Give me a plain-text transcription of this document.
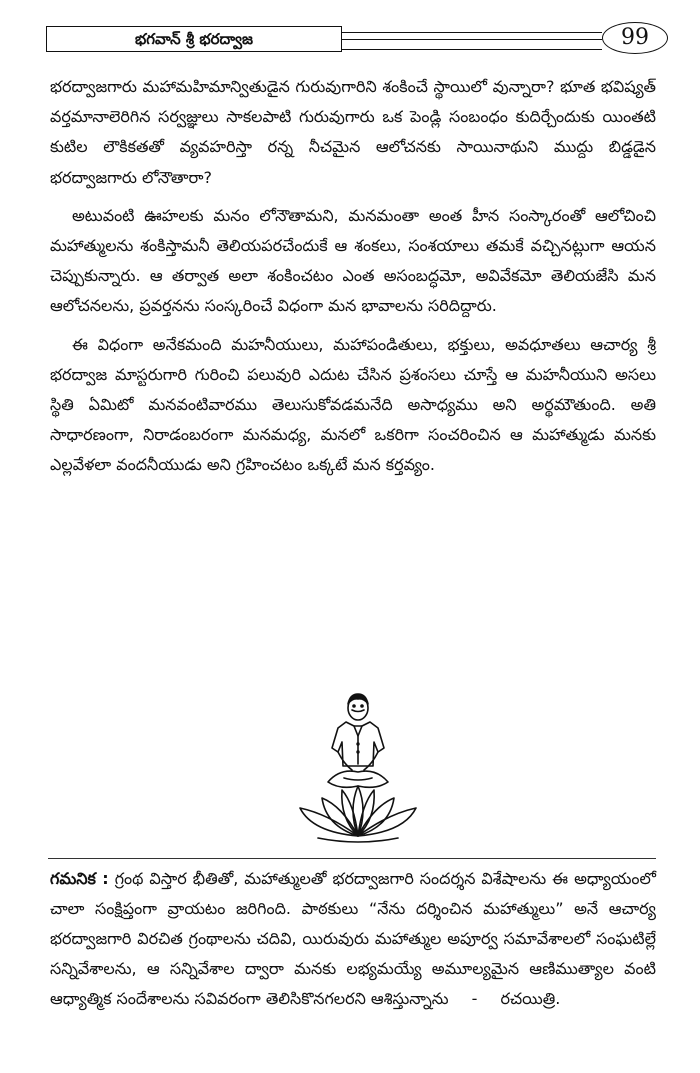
భగవాన్ శ్రీ భరద్వాజ	99

భరద్వాజగారు మహామహిమాన్వితుడైన గురువుగారిని శంకించే స్థాయిలో వున్నారా? భూత భవిష్యత్ వర్తమానాలెరిగిన సర్వజ్ఞులు సాకలపాటి గురువుగారు ఒక పెండ్లి సంబంధం కుదిర్చేందుకు యింతటి కుటిల లౌకికతతో వ్యవహరిస్తా రన్న నీచమైన ఆలోచనకు సాయినాథుని ముద్దు బిడ్డడైన భరద్వాజగారు లోనౌతారా?

అటువంటి ఊహలకు మనం లోనౌతామని, మనమంతా అంత హీన సంస్కారంతో ఆలోచించి మహాత్ములను శంకిస్తామనీ తెలియపరచేందుకే ఆ శంకలు, సంశయాలు తమకే వచ్చినట్లుగా ఆయన చెప్పుకున్నారు. ఆ తర్వాత అలా శంకించటం ఎంత అసంబద్ధమో, అవివేకమో తెలియజేసి మన ఆలోచనలను, ప్రవర్తనను సంస్కరించే విధంగా మన భావాలను సరిదిద్దారు.

ఈ విధంగా అనేకమంది మహనీయులు, మహాపండితులు, భక్తులు, అవధూతలు ఆచార్య శ్రీ భరద్వాజ మాస్టరుగారి గురించి పలువురి ఎదుట చేసిన ప్రశంసలు చూస్తే ఆ మహనీయుని అసలు స్థితి ఏమిటో మనవంటివారము తెలుసుకోవడమనేది అసాధ్యము అని అర్థమౌతుంది. అతి సాధారణంగా, నిరాడంబరంగా మనమధ్య, మనలో ఒకరిగా సంచరించిన ఆ మహాత్ముడు మనకు ఎల్లవేళలా వందనీయుడు అని గ్రహించటం ఒక్కటే మన కర్తవ్యం.

గమనిక : గ్రంథ విస్తార భీతితో, మహాత్ములతో భరద్వాజగారి సందర్శన విశేషాలను ఈ అధ్యాయంలో చాలా సంక్షిప్తంగా వ్రాయటం జరిగింది. పాఠకులు “నేను దర్శించిన మహాత్ములు” అనే ఆచార్య భరద్వాజగారి విరచిత గ్రంథాలను చదివి, యిరువురు మహాత్ముల అపూర్వ సమావేశాలలో సంఘటిల్లే సన్నివేశాలను, ఆ సన్నివేశాల ద్వారా మనకు లభ్యమయ్యే అమూల్యమైన ఆణిముత్యాల వంటి ఆధ్యాత్మిక సందేశాలను సవివరంగా తెలిసికొనగలరని ఆశిస్తున్నాను - రచయిత్రి.
